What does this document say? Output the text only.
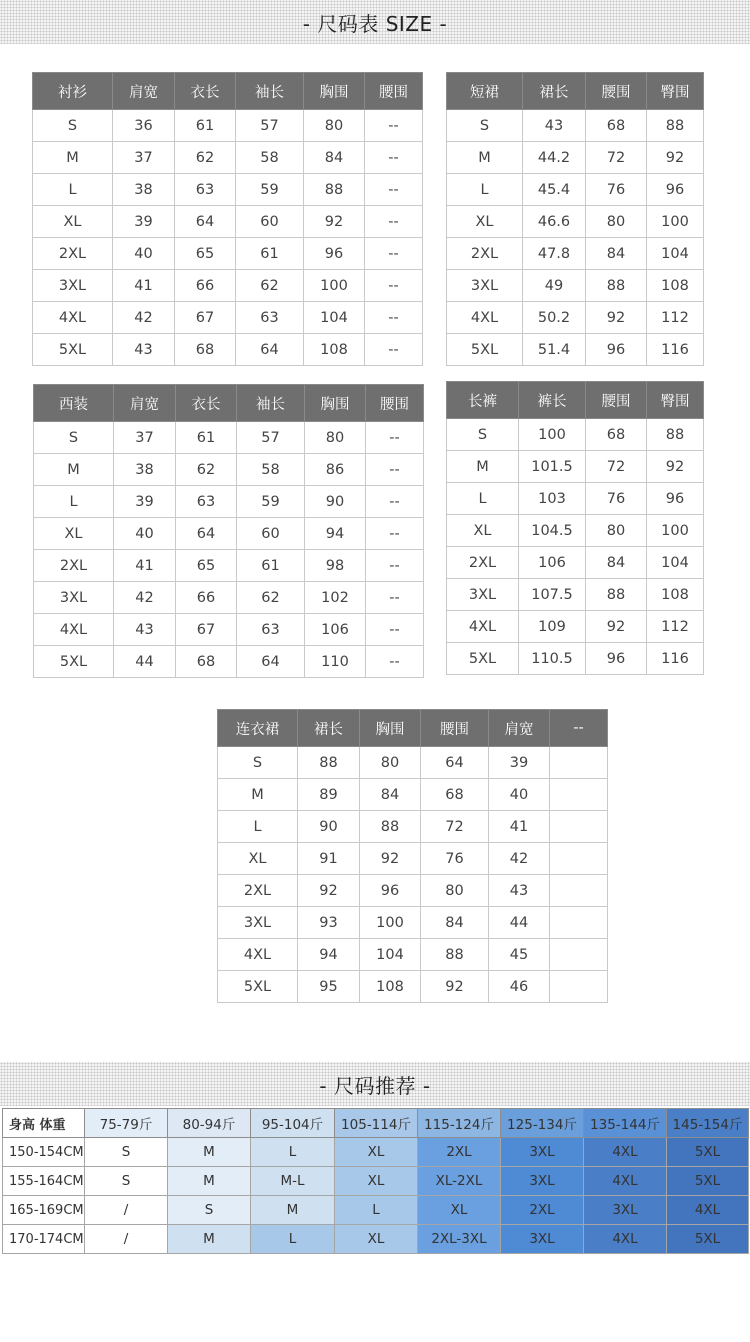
- 尺码表 SIZE -
衬衫	肩宽	衣长	袖长	胸围	腰围
S	36	61	57	80	--
M	37	62	58	84	--
L	38	63	59	88	--
XL	39	64	60	92	--
2XL	40	65	61	96	--
3XL	41	66	62	100	--
4XL	42	67	63	104	--
5XL	43	68	64	108	--
短裙	裙长	腰围	臀围
S	43	68	88
M	44.2	72	92
L	45.4	76	96
XL	46.6	80	100
2XL	47.8	84	104
3XL	49	88	108
4XL	50.2	92	112
5XL	51.4	96	116
西装	肩宽	衣长	袖长	胸围	腰围
S	37	61	57	80	--
M	38	62	58	86	--
L	39	63	59	90	--
XL	40	64	60	94	--
2XL	41	65	61	98	--
3XL	42	66	62	102	--
4XL	43	67	63	106	--
5XL	44	68	64	110	--
长裤	裤长	腰围	臀围
S	100	68	88
M	101.5	72	92
L	103	76	96
XL	104.5	80	100
2XL	106	84	104
3XL	107.5	88	108
4XL	109	92	112
5XL	110.5	96	116
连衣裙	裙长	胸围	腰围	肩宽	--
S	88	80	64	39	
M	89	84	68	40	
L	90	88	72	41	
XL	91	92	76	42	
2XL	92	96	80	43	
3XL	93	100	84	44	
4XL	94	104	88	45	
5XL	95	108	92	46	
- 尺码推荐 -
身高 体重	75-79斤	80-94斤	95-104斤	105-114斤	115-124斤	125-134斤	135-144斤	145-154斤
150-154CM	S	M	L	XL	2XL	3XL	4XL	5XL
155-164CM	S	M	M-L	XL	XL-2XL	3XL	4XL	5XL
165-169CM	/	S	M	L	XL	2XL	3XL	4XL
170-174CM	/	M	L	XL	2XL-3XL	3XL	4XL	5XL
